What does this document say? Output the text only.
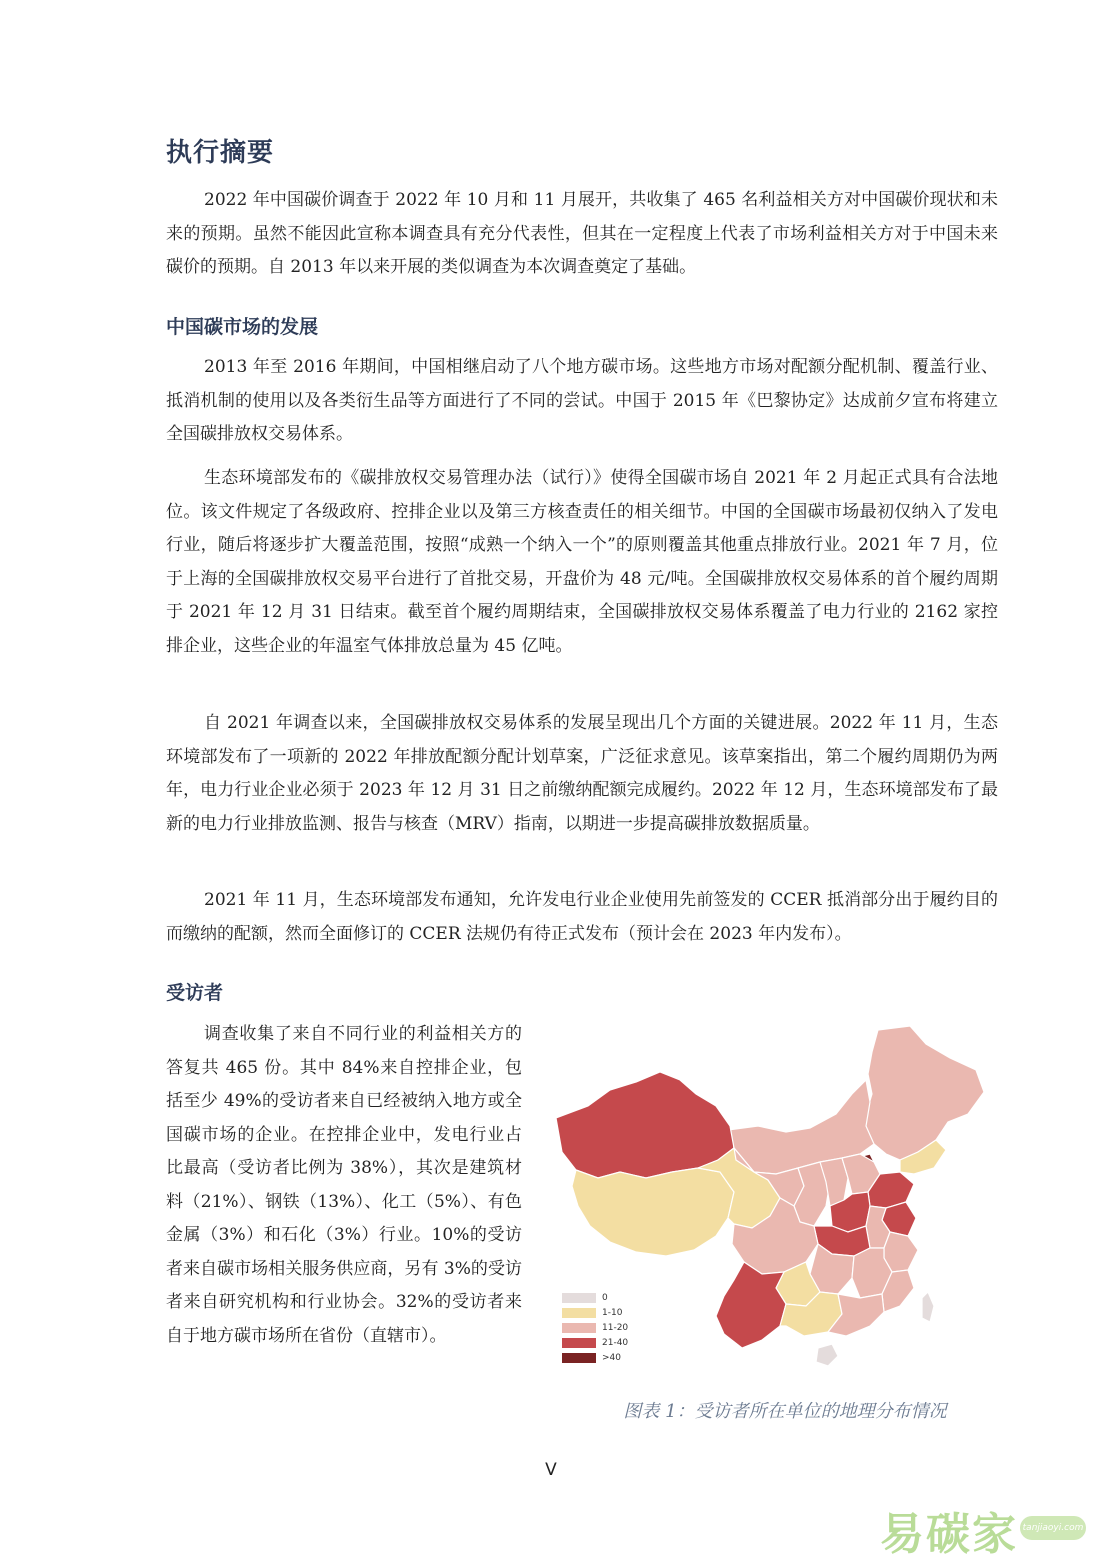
执行摘要

2022 年中国碳价调查于 2022 年 10 月和 11 月展开，共收集了 465 名利益相关方对中国碳价现状和未来的预期。虽然不能因此宣称本调查具有充分代表性，但其在一定程度上代表了市场利益相关方对于中国未来碳价的预期。自 2013 年以来开展的类似调查为本次调查奠定了基础。

中国碳市场的发展

2013 年至 2016 年期间，中国相继启动了八个地方碳市场。这些地方市场对配额分配机制、覆盖行业、抵消机制的使用以及各类衍生品等方面进行了不同的尝试。中国于 2015 年《巴黎协定》达成前夕宣布将建立全国碳排放权交易体系。

生态环境部发布的《碳排放权交易管理办法（试行）》使得全国碳市场自 2021 年 2 月起正式具有合法地位。该文件规定了各级政府、控排企业以及第三方核查责任的相关细节。中国的全国碳市场最初仅纳入了发电行业，随后将逐步扩大覆盖范围，按照“成熟一个纳入一个”的原则覆盖其他重点排放行业。2021 年 7 月，位于上海的全国碳排放权交易平台进行了首批交易，开盘价为 48 元/吨。全国碳排放权交易体系的首个履约周期于 2021 年 12 月 31 日结束。截至首个履约周期结束，全国碳排放权交易体系覆盖了电力行业的 2162 家控排企业，这些企业的年温室气体排放总量为 45 亿吨。

自 2021 年调查以来，全国碳排放权交易体系的发展呈现出几个方面的关键进展。2022 年 11 月，生态环境部发布了一项新的 2022 年排放配额分配计划草案，广泛征求意见。该草案指出，第二个履约周期仍为两年，电力行业企业必须于 2023 年 12 月 31 日之前缴纳配额完成履约。2022 年 12 月，生态环境部发布了最新的电力行业排放监测、报告与核查（MRV）指南，以期进一步提高碳排放数据质量。

2021 年 11 月，生态环境部发布通知，允许发电行业企业使用先前签发的 CCER 抵消部分出于履约目的而缴纳的配额，然而全面修订的 CCER 法规仍有待正式发布（预计会在 2023 年内发布）。

受访者

调查收集了来自不同行业的利益相关方的答复共 465 份。其中 84%来自控排企业，包括至少 49%的受访者来自已经被纳入地方或全国碳市场的企业。在控排企业中，发电行业占比最高（受访者比例为 38%），其次是建筑材料（21%）、钢铁（13%）、化工（5%）、有色金属（3%）和石化（3%）行业。10%的受访者来自碳市场相关服务供应商，另有 3%的受访者来自研究机构和行业协会。32%的受访者来自于地方碳市场所在省份（直辖市）。

0
1-10
11-20
21-40
>40
图表 1：受访者所在单位的地理分布情况
V
易碳家 tanjiaoyi.com
